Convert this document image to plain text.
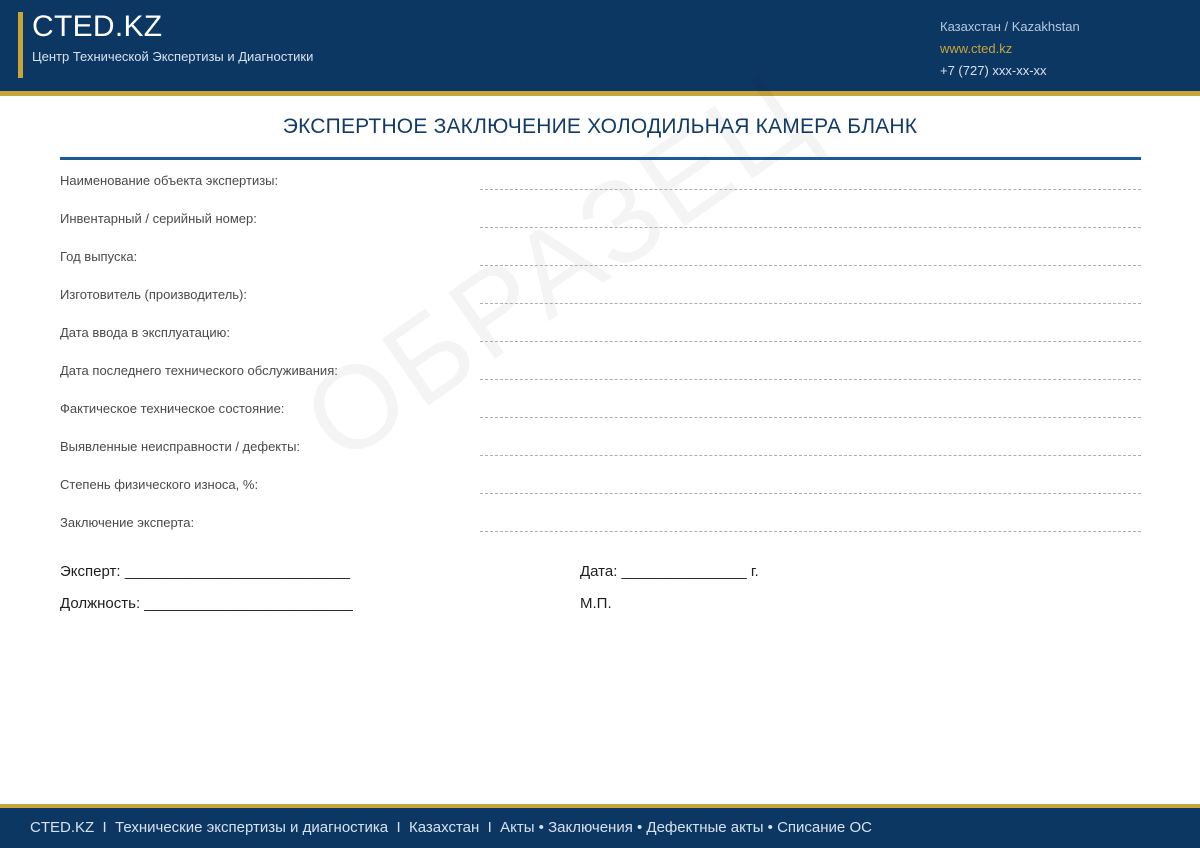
CTED.KZ
Центр Технической Экспертизы и Диагностики
Казахстан / Kazakhstan
www.cted.kz
+7 (727) xxx-xx-xx
ЭКСПЕРТНОЕ ЗАКЛЮЧЕНИЕ ХОЛОДИЛЬНАЯ КАМЕРА БЛАНК
Наименование объекта экспертизы:
Инвентарный / серийный номер:
Год выпуска:
Изготовитель (производитель):
Дата ввода в эксплуатацию:
Дата последнего технического обслуживания:
Фактическое техническое состояние:
Выявленные неисправности / дефекты:
Степень физического износа, %:
Заключение эксперта:
Эксперт: ___________________________	Дата: _______________ г.
Должность: _________________________	М.П.
CTED.KZ  I  Технические экспертизы и диагностика  I  Казахстан  I  Акты • Заключения • Дефектные акты • Списание ОС
